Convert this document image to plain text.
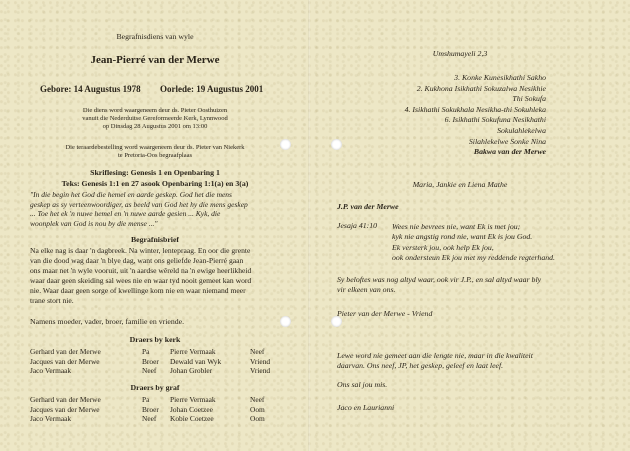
Begrafnisdiens van wyle
Jean-Pierré van der Merwe
Gebore: 14 Augustus 1978 Oorlede: 19 Augustus 2001
Die diens word waargeneem deur ds. Pieter Oosthuizen
vanuit die Nederduitse Gereformeerde Kerk, Lynnwood
op Dinsdag 28 Augustus 2001 om 13:00
Die teraardebestelling word waargeneem deur ds. Pieter van Niekerk
te Pretoria-Oos begraafplaas
Skriflesing: Genesis 1 en Openbaring 1
Teks: Genesis 1:1 en 27 asook Openbaring 1:1(a) en 3(a)
"In die begin het God die hemel en aarde geskep. God het die mens
geskep as sy verteenwoordiger, as beeld van God het hy die mens geskep
... Toe het ek 'n nuwe hemel en 'n nuwe aarde gesien ... Kyk, die
woonplek van God is nou by die mense ..."
Begrafnisbrief
Na elke nag is daar 'n dagbreek. Na winter, lentepraag. En oor die grente
van die dood wag daar 'n blye dag, want ons geliefde Jean-Pierré gaan
ons maar net 'n wyle vooruit, uit 'n aardse wêreld na 'n ewige heerlikheid
waar daar geen skeiding sal wees nie en waar tyd nooit gemeet kan word
nie. Waar daar geen sorge of kwellinge kom nie en waar niemand meer
trane stort nie.
Namens moeder, vader, broer, familie en vriende.
Draers by kerk
Gerhard van der Merwe
Jacques van der Merwe
Jaco Vermaak
Pa
Broer
Neef
Pierre Vermaak
Dewald van Wyk
Johan Grobler
Neef
Vriend
Vriend
Draers by graf
Gerhard van der Merwe
Jacques van der Merwe
Jaco Vermaak
Pa
Broer
Neef
Pierre Vermaak
Johan Coetzee
Kobie Coetzee
Neef
Oom
Oom
Umshumayeli 2,3
3. Konke Kunesikhathi Sakho
2. Kukhona Isikhathi Sokuzalwa Nesikhie
Thi Sokufa
4. Isikhathi Sokukhala Nesikha-thi Sokuhleka
6. Isikhathi Sokufuna Nesikhathi
Sokulahlekelwa
Silahlekelwe Sonke Nina
Bakwa van der Merwe
Maria, Jankie en Liena Mathe
J.P. van der Merwe
Jesaja 41:10 Wees nie bevrees nie, want Ek is met jou;
kyk nie angstig rond nie, want Ek is jou God.
Ek versterk jou, ook help Ek jou,
ook ondersteun Ek jou met my reddende regterhand.
Sy beloftes was nog altyd waar, ook vir J.P., en sal altyd waar bly
vir elkeen van ons.
Pieter van der Merwe - Vriend
Lewe word nie gemeet aan die lengte nie, maar in die kwaliteit
daarvan. Ons neef, JP, het geskep, geleef en laat leef.
Ons sal jou mis.
Jaco en Laurianni
